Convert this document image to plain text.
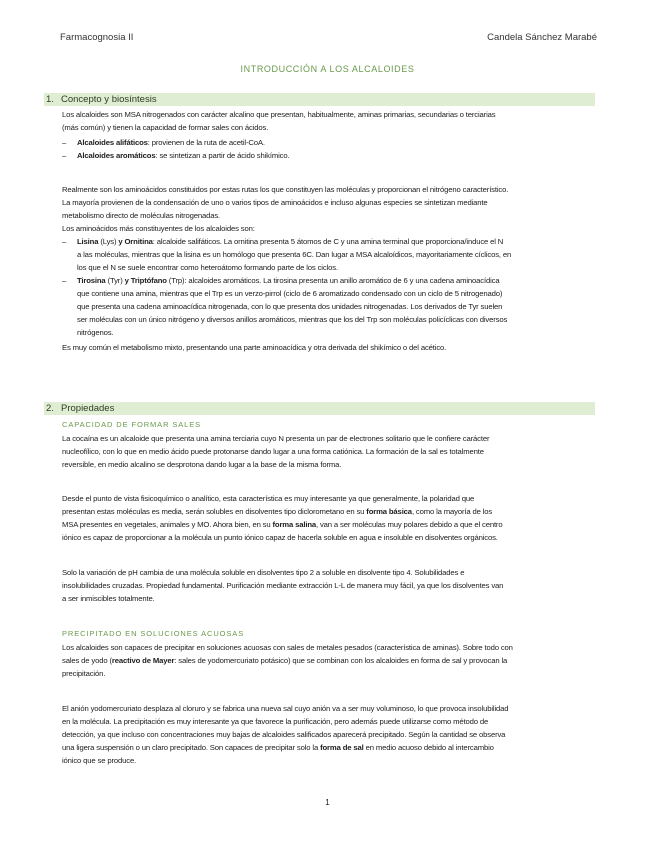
Farmacognosia II	Candela Sánchez Marabé
INTRODUCCIÓN A LOS ALCALOIDES
1. Concepto y biosíntesis
Los alcaloides son MSA nitrogenados con carácter alcalino que presentan, habitualmente, aminas primarias, secundarias o terciarias
(más común) y tienen la capacidad de formar sales con ácidos.
– Alcaloides alifáticos: provienen de la ruta de acetil-CoA.
– Alcaloides aromáticos: se sintetizan a partir de ácido shikímico.
Realmente son los aminoácidos constituidos por estas rutas los que constituyen las moléculas y proporcionan el nitrógeno característico.
La mayoría provienen de la condensación de uno o varios tipos de aminoácidos e incluso algunas especies se sintetizan mediante
metabolismo directo de moléculas nitrogenadas.
Los aminoácidos más constituyentes de los alcaloides son:
– Lisina (Lys) y Ornitina: alcaloide salifáticos. La ornitina presenta 5 átomos de C y una amina terminal que proporciona/induce el N
a las moléculas, mientras que la lisina es un homólogo que presenta 6C. Dan lugar a MSA alcaloídicos, mayoritariamente cíclicos, en
los que el N se suele encontrar como heteroátomo formando parte de los ciclos.
– Tirosina (Tyr) y Triptófano (Trp): alcaloides aromáticos. La tirosina presenta un anillo aromático de 6 y una cadena aminoacídica
que contiene una amina, mientras que el Trp es un verzo-pirrol (ciclo de 6 aromatizado condensado con un ciclo de 5 nitrogenado)
que presenta una cadena aminoacídica nitrogenada, con lo que presenta dos unidades nitrogenadas. Los derivados de Tyr suelen
ser moléculas con un único nitrógeno y diversos anillos aromáticos, mientras que los del Trp son moléculas policíclicas con diversos
nitrógenos.
Es muy común el metabolismo mixto, presentando una parte aminoacídica y otra derivada del shikímico o del acético.
2. Propiedades
CAPACIDAD DE FORMAR SALES
La cocaína es un alcaloide que presenta una amina terciaria cuyo N presenta un par de electrones solitario que le confiere carácter
nucleofílico, con lo que en medio ácido puede protonarse dando lugar a una forma catiónica. La formación de la sal es totalmente
reversible, en medio alcalino se desprotona dando lugar a la base de la misma forma.
Desde el punto de vista fisicoquímico o analítico, esta característica es muy interesante ya que generalmente, la polaridad que
presentan estas moléculas es media, serán solubles en disolventes tipo diclorometano en su forma básica, como la mayoría de los
MSA presentes en vegetales, animales y MO. Ahora bien, en su forma salina, van a ser moléculas muy polares debido a que el centro
iónico es capaz de proporcionar a la molécula un punto iónico capaz de hacerla soluble en agua e insoluble en disolventes orgánicos.
Solo la variación de pH cambia de una molécula soluble en disolventes tipo 2 a soluble en disolvente tipo 4. Solubilidades e
insolubilidades cruzadas. Propiedad fundamental. Purificación mediante extracción L-L de manera muy fácil, ya que los disolventes van
a ser inmiscibles totalmente.
PRECIPITADO EN SOLUCIONES ACUOSAS
Los alcaloides son capaces de precipitar en soluciones acuosas con sales de metales pesados (característica de aminas). Sobre todo con
sales de yodo (reactivo de Mayer: sales de yodomercuriato potásico) que se combinan con los alcaloides en forma de sal y provocan la
precipitación.
El anión yodomercuriato desplaza al cloruro y se fabrica una nueva sal cuyo anión va a ser muy voluminoso, lo que provoca insolubilidad
en la molécula. La precipitación es muy interesante ya que favorece la purificación, pero además puede utilizarse como método de
detección, ya que incluso con concentraciones muy bajas de alcaloides salificados aparecerá precipitado. Según la cantidad se observa
una ligera suspensión o un claro precipitado. Son capaces de precipitar solo la forma de sal en medio acuoso debido al intercambio
iónico que se produce.
1
